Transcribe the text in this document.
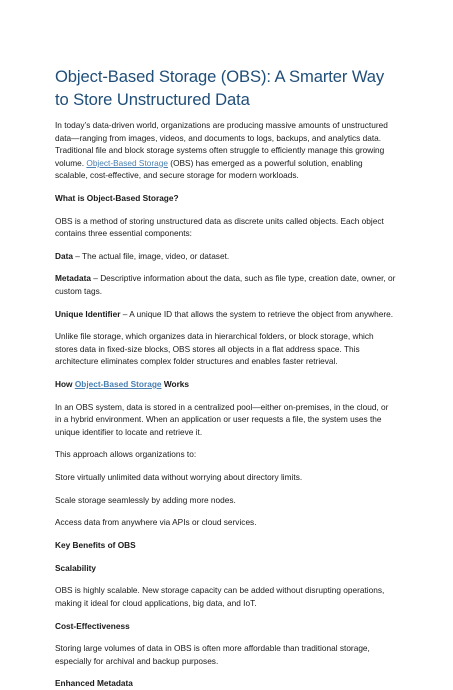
Object-Based Storage (OBS): A Smarter Way to Store Unstructured Data

In today’s data-driven world, organizations are producing massive amounts of unstructured data—ranging from images, videos, and documents to logs, backups, and analytics data. Traditional file and block storage systems often struggle to efficiently manage this growing volume. Object-Based Storage (OBS) has emerged as a powerful solution, enabling scalable, cost-effective, and secure storage for modern workloads.

What is Object-Based Storage?

OBS is a method of storing unstructured data as discrete units called objects. Each object contains three essential components:

Data – The actual file, image, video, or dataset.

Metadata – Descriptive information about the data, such as file type, creation date, owner, or custom tags.

Unique Identifier – A unique ID that allows the system to retrieve the object from anywhere.

Unlike file storage, which organizes data in hierarchical folders, or block storage, which stores data in fixed-size blocks, OBS stores all objects in a flat address space. This architecture eliminates complex folder structures and enables faster retrieval.

How Object-Based Storage Works

In an OBS system, data is stored in a centralized pool—either on-premises, in the cloud, or in a hybrid environment. When an application or user requests a file, the system uses the unique identifier to locate and retrieve it.

This approach allows organizations to:

Store virtually unlimited data without worrying about directory limits.

Scale storage seamlessly by adding more nodes.

Access data from anywhere via APIs or cloud services.

Key Benefits of OBS
Scalability

OBS is highly scalable. New storage capacity can be added without disrupting operations, making it ideal for cloud applications, big data, and IoT.

Cost-Effectiveness

Storing large volumes of data in OBS is often more affordable than traditional storage, especially for archival and backup purposes.

Enhanced Metadata
